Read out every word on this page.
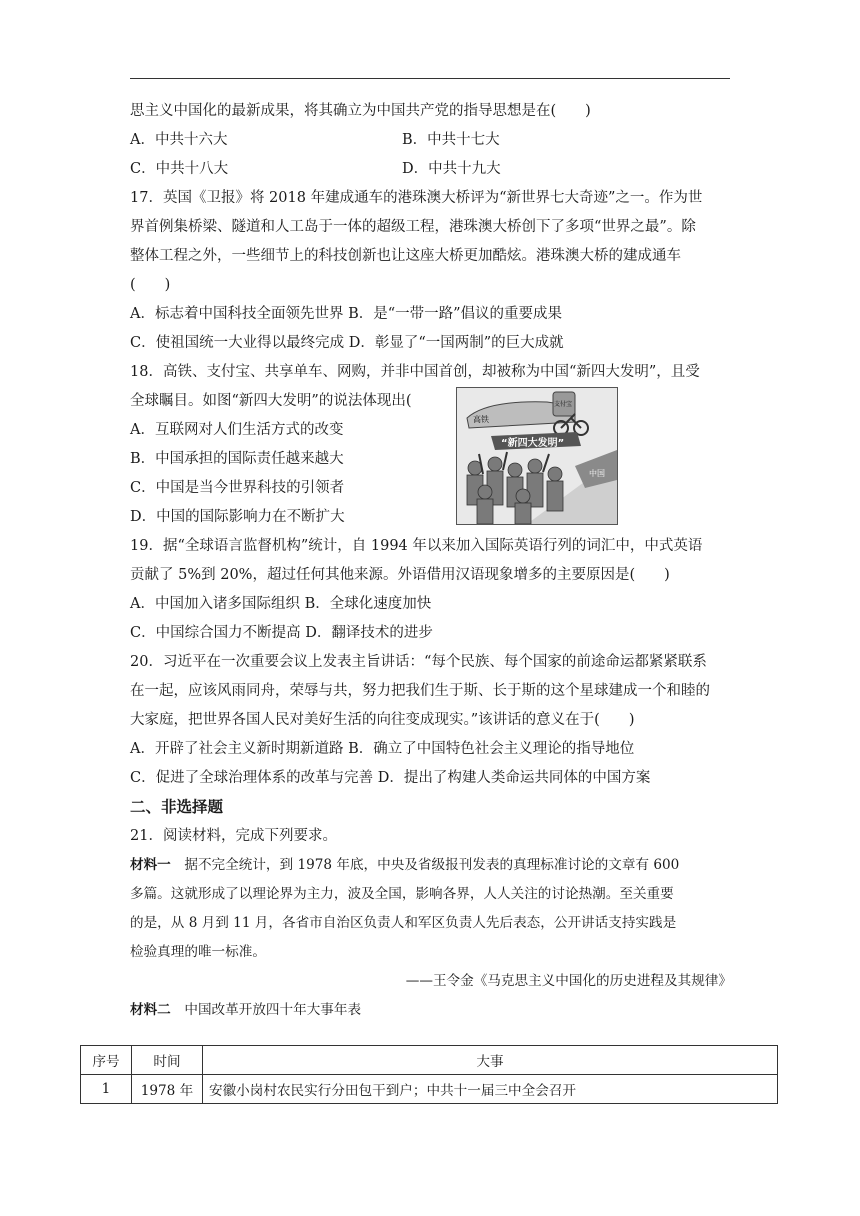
思主义中国化的最新成果，将其确立为中国共产党的指导思想是在(　　)

A．中共十六大	B．中共十七大
C．中共十八大	D．中共十九大

17．英国《卫报》将 2018 年建成通车的港珠澳大桥评为“新世界七大奇迹”之一。作为世

界首例集桥梁、隧道和人工岛于一体的超级工程，港珠澳大桥创下了多项“世界之最”。除

整体工程之外，一些细节上的科技创新也让这座大桥更加酷炫。港珠澳大桥的建成通车

(　　)

A．标志着中国科技全面领先世界 B．是“一带一路”倡议的重要成果

C．使祖国统一大业得以最终完成 D．彰显了“一国两制”的巨大成就

18．高铁、支付宝、共享单车、网购，并非中国首创，却被称为中国“新四大发明”，且受

高铁
支付宝
“新四大发明”
中国

全球瞩目。如图“新四大发明”的说法体现出(

A．互联网对人们生活方式的改变

B．中国承担的国际责任越来越大

C．中国是当今世界科技的引领者

D．中国的国际影响力在不断扩大

19．据“全球语言监督机构”统计，自 1994 年以来加入国际英语行列的词汇中，中式英语

贡献了 5%到 20%，超过任何其他来源。外语借用汉语现象增多的主要原因是(　　)

A．中国加入诸多国际组织 B．全球化速度加快

C．中国综合国力不断提高 D．翻译技术的进步

20．习近平在一次重要会议上发表主旨讲话：“每个民族、每个国家的前途命运都紧紧联系

在一起，应该风雨同舟，荣辱与共，努力把我们生于斯、长于斯的这个星球建成一个和睦的

大家庭，把世界各国人民对美好生活的向往变成现实。”该讲话的意义在于(　　)

A．开辟了社会主义新时期新道路 B．确立了中国特色社会主义理论的指导地位

C．促进了全球治理体系的改革与完善 D．提出了构建人类命运共同体的中国方案

二、非选择题

21．阅读材料，完成下列要求。

材料一　据不完全统计，到 1978 年底，中央及省级报刊发表的真理标准讨论的文章有 600

多篇。这就形成了以理论界为主力，波及全国，影响各界，人人关注的讨论热潮。至关重要

的是，从 8 月到 11 月，各省市自治区负责人和军区负责人先后表态，公开讲话支持实践是

检验真理的唯一标准。

——王令金《马克思主义中国化的历史进程及其规律》

材料二　中国改革开放四十年大事年表

序号	时间	大事
1	1978 年	安徽小岗村农民实行分田包干到户；中共十一届三中全会召开
